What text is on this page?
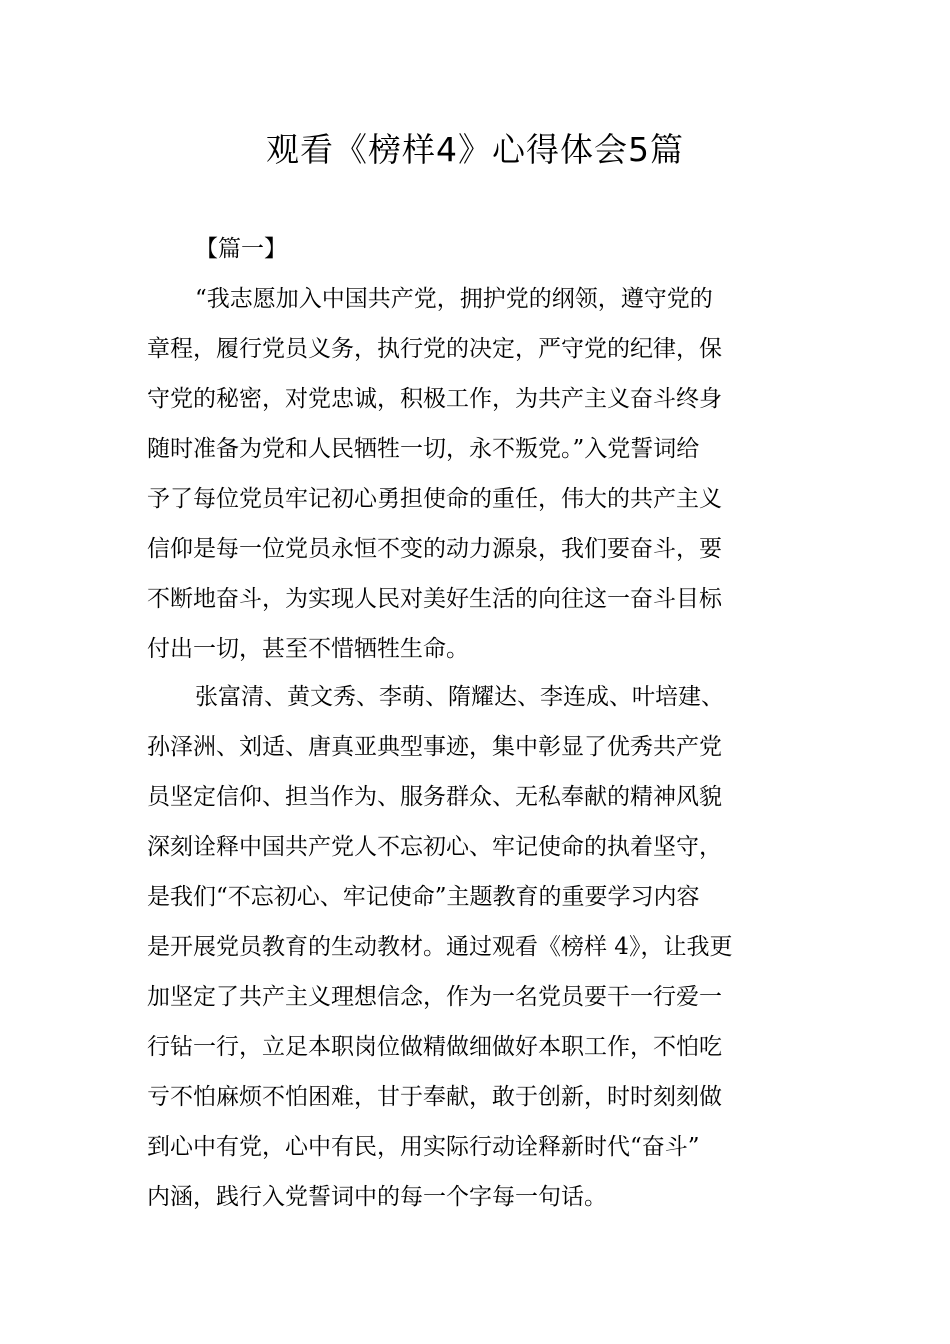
观看《榜样4》心得体会5篇
【篇一】
“我志愿加入中国共产党，拥护党的纲领，遵守党的
章程，履行党员义务，执行党的决定，严守党的纪律，保
守党的秘密，对党忠诚，积极工作，为共产主义奋斗终身
随时准备为党和人民牺牲一切，永不叛党。”入党誓词给
予了每位党员牢记初心勇担使命的重任，伟大的共产主义
信仰是每一位党员永恒不变的动力源泉，我们要奋斗，要
不断地奋斗，为实现人民对美好生活的向往这一奋斗目标
付出一切，甚至不惜牺牲生命。
张富清、黄文秀、李萌、隋耀达、李连成、叶培建、
孙泽洲、刘适、唐真亚典型事迹，集中彰显了优秀共产党
员坚定信仰、担当作为、服务群众、无私奉献的精神风貌
深刻诠释中国共产党人不忘初心、牢记使命的执着坚守，
是我们“不忘初心、牢记使命”主题教育的重要学习内容
是开展党员教育的生动教材。通过观看《榜样 4》，让我更
加坚定了共产主义理想信念，作为一名党员要干一行爱一
行钻一行，立足本职岗位做精做细做好本职工作，不怕吃
亏不怕麻烦不怕困难，甘于奉献，敢于创新，时时刻刻做
到心中有党，心中有民，用实际行动诠释新时代“奋斗”
内涵，践行入党誓词中的每一个字每一句话。
